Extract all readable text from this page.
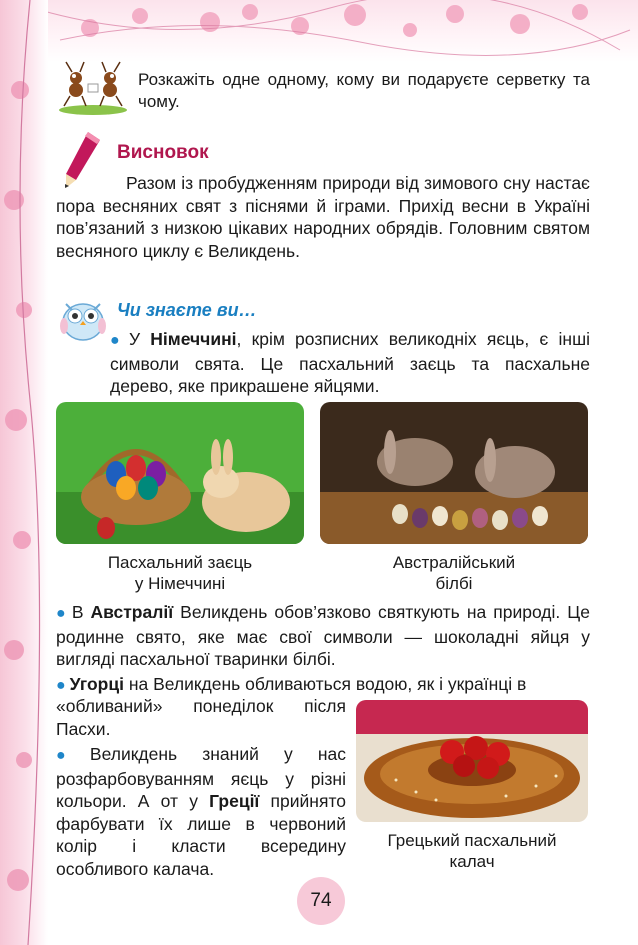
Розкажіть одне одному, кому ви подаруєте серветку та чому.
Висновок
Разом із пробудженням природи від зимового сну настає пора весняних свят з піснями й іграми. Прихід весни в Україні пов’язаний з низкою цікавих народних обрядів. Головним святом весняного циклу є Великдень.
Чи знаєте ви…
● У Німеччині, крім розписних великодніх яєць, є інші символи свята. Це пасхальний заєць та пасхальне дерево, яке прикрашене яйцями.
Пасхальний заєць
у Німеччині
Австралійський
білбі
● В Австралії Великдень обов’язково святкують на природі. Це родинне свято, яке має свої символи — шоколадні яйця у вигляді пасхальної тваринки білбі.
● Угорці на Великдень обливаються водою, як і українці в
«обливаний» понеділок після Пасхи.
● Великдень знаний у нас розфарбовуванням яєць у різні кольори. А от у Греції прийнято фарбувати їх лише в червоний колір і класти всередину особливого калача.
Грецький пасхальний
калач
74
